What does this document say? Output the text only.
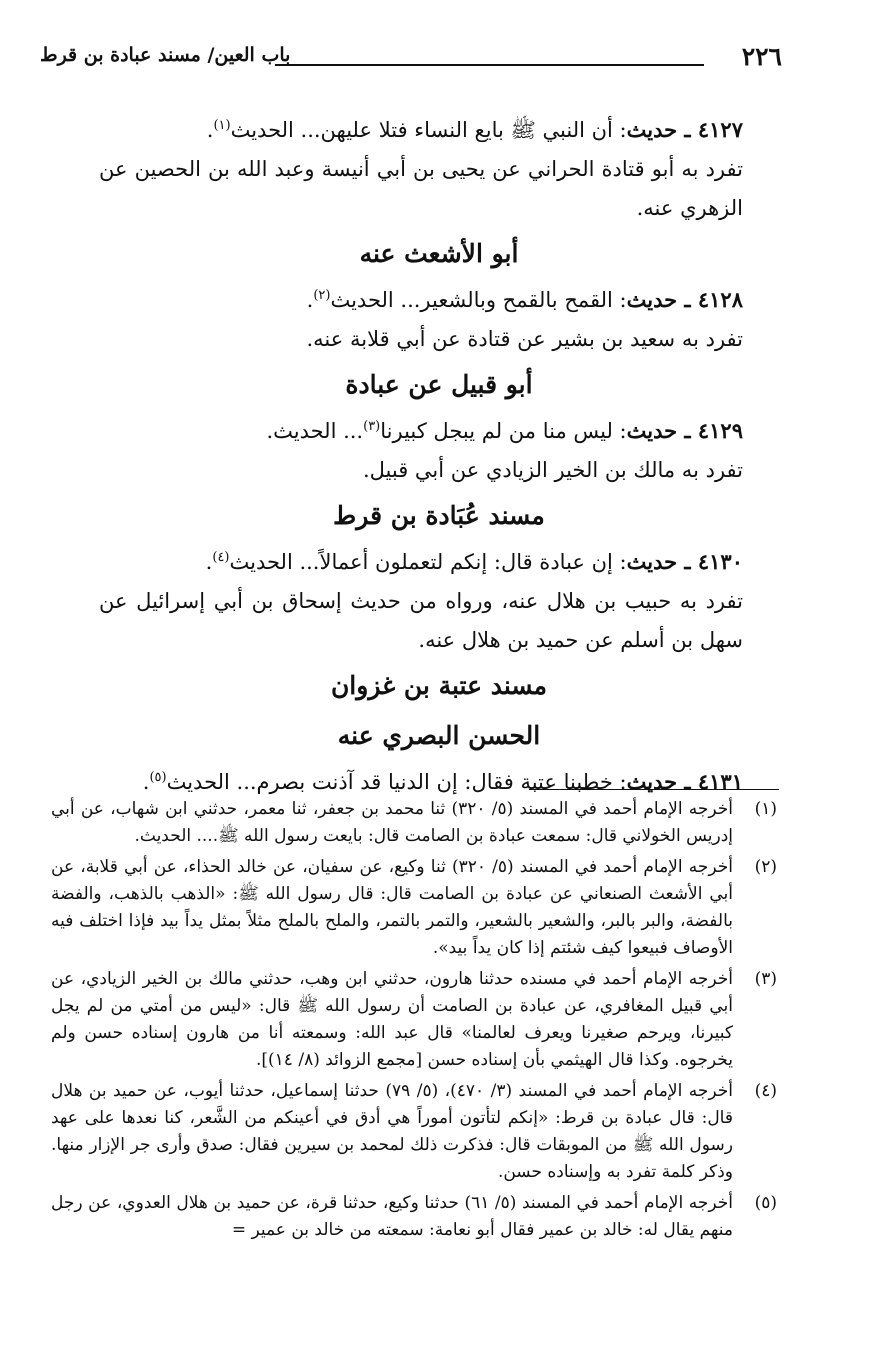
٢٢٦
باب العين/ مسند عبادة بن قرط

٤١٢٧ ـ حديث: أن النبي ﷺ بايع النساء فتلا عليهن... الحديث$^{(١)}$.

تفرد به أبو قتادة الحراني عن يحيى بن أبي أنيسة وعبد الله بن الحصين عن الزهري عنه.

أبو الأشعث عنه

٤١٢٨ ـ حديث: القمح بالقمح وبالشعير... الحديث$^{(٢)}$.

تفرد به سعيد بن بشير عن قتادة عن أبي قلابة عنه.

أبو قبيل عن عبادة

٤١٢٩ ـ حديث: ليس منا من لم يبجل كبيرنا$^{(٣)}$... الحديث.

تفرد به مالك بن الخير الزيادي عن أبي قبيل.

مسند عُبَادة بن قرط

٤١٣٠ ـ حديث: إن عبادة قال: إنكم لتعملون أعمالاً... الحديث$^{(٤)}$.

تفرد به حبيب بن هلال عنه، ورواه من حديث إسحاق بن أبي إسرائيل عن سهل بن أسلم عن حميد بن هلال عنه.

مسند عتبة بن غزوان
الحسن البصري عنه

٤١٣١ ـ حديث: خطبنا عتبة فقال: إن الدنيا قد آذنت بصرم... الحديث$^{(٥)}$.

(١)
أخرجه الإمام أحمد في المسند (٥/ ٣٢٠) ثنا محمد بن جعفر، ثنا معمر، حدثني ابن شهاب، عن أبي إدريس الخولاني قال: سمعت عبادة بن الصامت قال: بايعت رسول الله ﷺ.... الحديث.
(٢)
أخرجه الإمام أحمد في المسند (٥/ ٣٢٠) ثنا وكيع، عن سفيان، عن خالد الحذاء، عن أبي قلابة، عن أبي الأشعث الصنعاني عن عبادة بن الصامت قال: قال رسول الله ﷺ: «الذهب بالذهب، والفضة بالفضة، والبر بالبر، والشعير بالشعير، والتمر بالتمر، والملح بالملح مثلاً بمثل يداً بيد فإذا اختلف فيه الأوصاف فبيعوا كيف شئتم إذا كان يداً بيد».
(٣)
أخرجه الإمام أحمد في مسنده حدثنا هارون، حدثني ابن وهب، حدثني مالك بن الخير الزيادي، عن أبي قبيل المغافري، عن عبادة بن الصامت أن رسول الله ﷺ قال: «ليس من أمتي من لم يجل كبيرنا، ويرحم صغيرنا ويعرف لعالمنا» قال عبد الله: وسمعته أنا من هارون إسناده حسن ولم يخرجوه. وكذا قال الهيثمي بأن إسناده حسن [مجمع الزوائد (٨/ ١٤)].
(٤)
أخرجه الإمام أحمد في المسند (٣/ ٤٧٠)، (٥/ ٧٩) حدثنا إسماعيل، حدثنا أيوب، عن حميد بن هلال قال: قال عبادة بن قرط: «إنكم لتأتون أموراً هي أدق في أعينكم من الشَّعر، كنا نعدها على عهد رسول الله ﷺ من الموبقات قال: فذكرت ذلك لمحمد بن سيرين فقال: صدق وأرى جر الإزار منها. وذكر كلمة تفرد به وإسناده حسن.
(٥)
أخرجه الإمام أحمد في المسند (٥/ ٦١) حدثنا وكيع، حدثنا قرة، عن حميد بن هلال العدوي، عن رجل منهم يقال له: خالد بن عمير فقال أبو نعامة: سمعته من خالد بن عمير =
